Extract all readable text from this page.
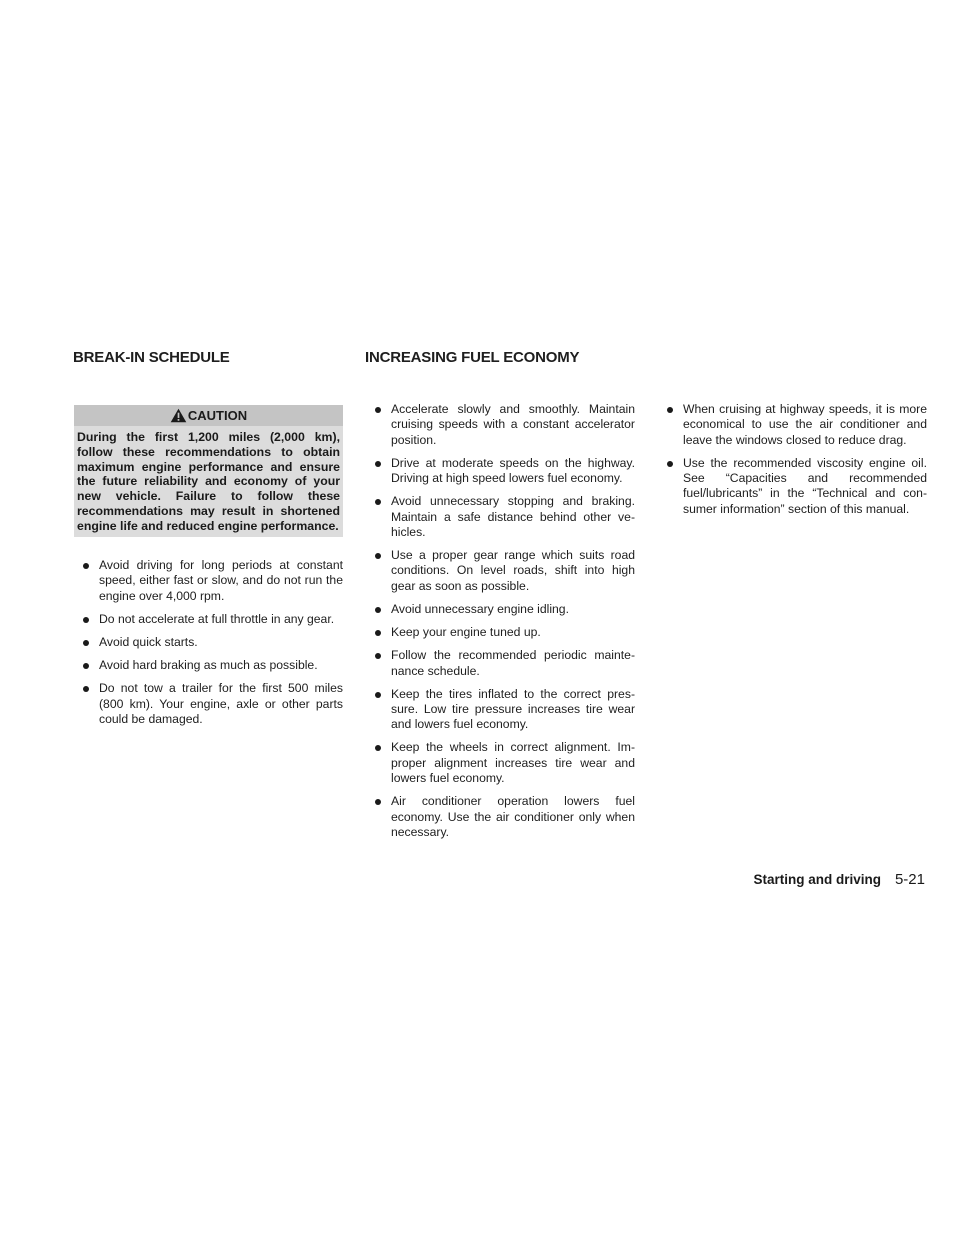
BREAK-IN SCHEDULE	INCREASING FUEL ECONOMY
CAUTION
During the first 1,200 miles (2,000 km), follow these recommendations to obtain maximum engine performance and ensure the future reliability and economy of your new vehicle. Failure to follow these recommendations may result in shortened engine life and reduced engine performance.
Avoid driving for long periods at constant speed, either fast or slow, and do not run the engine over 4,000 rpm.
Do not accelerate at full throttle in any gear.
Avoid quick starts.
Avoid hard braking as much as possible.
Do not tow a trailer for the first 500 miles (800 km). Your engine, axle or other parts could be damaged.
Accelerate slowly and smoothly. Maintain cruising speeds with a constant accelerator position.
Drive at moderate speeds on the highway. Driving at high speed lowers fuel economy.
Avoid unnecessary stopping and braking. Maintain a safe distance behind other vehicles.
Use a proper gear range which suits road conditions. On level roads, shift into high gear as soon as possible.
Avoid unnecessary engine idling.
Keep your engine tuned up.
Follow the recommended periodic maintenance schedule.
Keep the tires inflated to the correct pressure. Low tire pressure increases tire wear and lowers fuel economy.
Keep the wheels in correct alignment. Improper alignment increases tire wear and lowers fuel economy.
Air conditioner operation lowers fuel economy. Use the air conditioner only when necessary.
When cruising at highway speeds, it is more economical to use the air conditioner and leave the windows closed to reduce drag.
Use the recommended viscosity engine oil. See “Capacities and recommended fuel/lubricants” in the “Technical and consumer information” section of this manual.
Starting and driving 5-21
